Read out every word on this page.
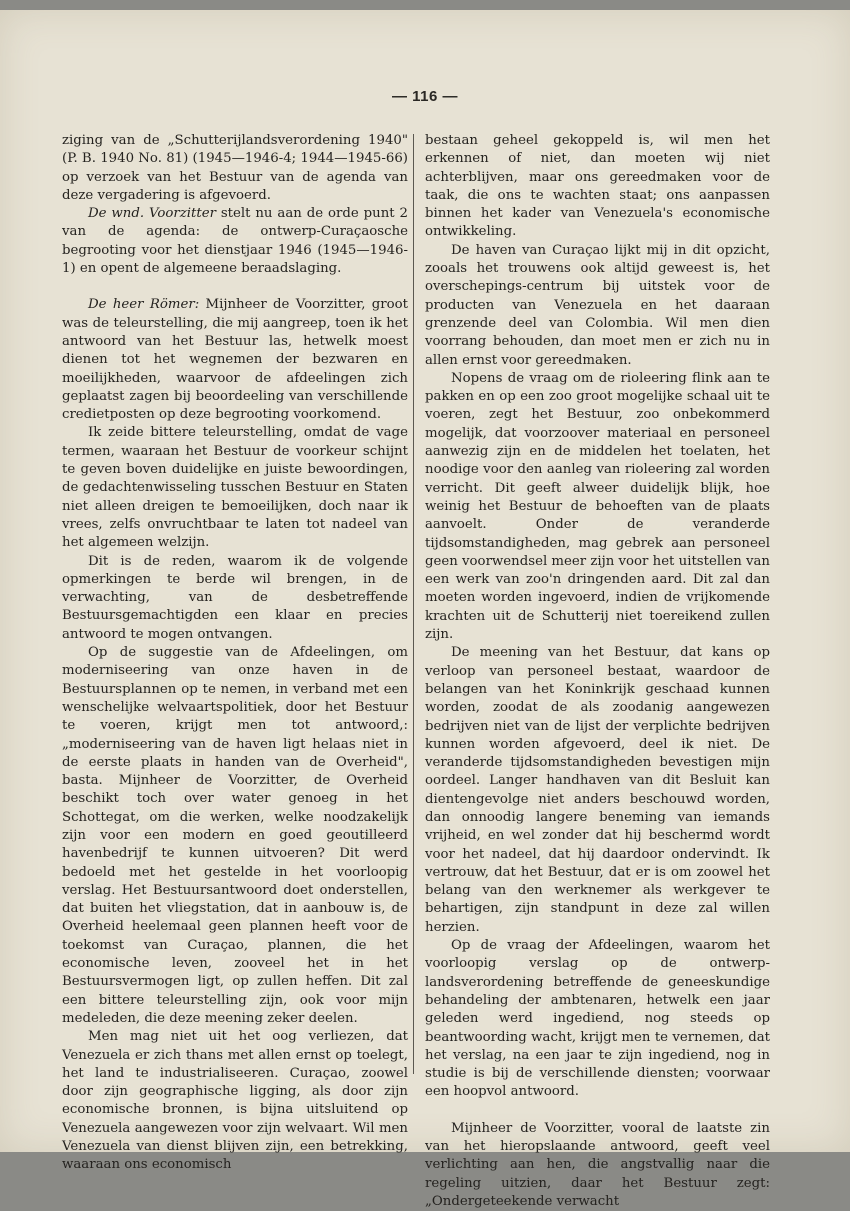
— 116 —

ziging van de „Schutterijlandsverordening 1940" (P. B. 1940 No. 81) (1945—1946-4; 1944—1945-66) op verzoek van het Bestuur van de agenda van deze vergadering is afgevoerd.

De wnd. Voorzitter stelt nu aan de orde punt 2 van de agenda: de ontwerp-Curaçaosche begrooting voor het dienstjaar 1946 (1945—1946-1) en opent de algemeene beraadslaging.

De heer Römer: Mijnheer de Voorzitter, groot was de teleurstelling, die mij aangreep, toen ik het antwoord van het Bestuur las, hetwelk moest dienen tot het wegnemen der bezwaren en moeilijkheden, waarvoor de afdeelingen zich geplaatst zagen bij beoordeeling van verschillende credietposten op deze begrooting voorkomend.

Ik zeide bittere teleurstelling, omdat de vage termen, waaraan het Bestuur de voorkeur schijnt te geven boven duidelijke en juiste bewoordingen, de gedachtenwisseling tusschen Bestuur en Staten niet alleen dreigen te bemoeilijken, doch naar ik vrees, zelfs onvruchtbaar te laten tot nadeel van het algemeen welzijn.

Dit is de reden, waarom ik de volgende opmerkingen te berde wil brengen, in de verwachting, van de desbetreffende Bestuursgemachtigden een klaar en precies antwoord te mogen ontvangen.

Op de suggestie van de Afdeelingen, om moderniseering van onze haven in de Bestuursplannen op te nemen, in verband met een wenschelijke welvaartspolitiek, door het Bestuur te voeren, krijgt men tot antwoord,: „moderniseering van de haven ligt helaas niet in de eerste plaats in handen van de Overheid", basta. Mijnheer de Voorzitter, de Overheid beschikt toch over water genoeg in het Schottegat, om die werken, welke noodzakelijk zijn voor een modern en goed geoutilleerd havenbedrijf te kunnen uitvoeren? Dit werd bedoeld met het gestelde in het voorloopig verslag. Het Bestuursantwoord doet onderstellen, dat buiten het vliegstation, dat in aanbouw is, de Overheid heelemaal geen plannen heeft voor de toekomst van Curaçao, plannen, die het economische leven, zooveel het in het Bestuursvermogen ligt, op zullen heffen. Dit zal een bittere teleurstelling zijn, ook voor mijn medeleden, die deze meening zeker deelen.

Men mag niet uit het oog verliezen, dat Venezuela er zich thans met allen ernst op toelegt, het land te industrialiseeren. Curaçao, zoowel door zijn geographische ligging, als door zijn economische bronnen, is bijna uitsluitend op Venezuela aangewezen voor zijn welvaart. Wil men Venezuela van dienst blijven zijn, een betrekking, waaraan ons economisch

bestaan geheel gekoppeld is, wil men het erkennen of niet, dan moeten wij niet achterblijven, maar ons gereedmaken voor de taak, die ons te wachten staat; ons aanpassen binnen het kader van Venezuela's economische ontwikkeling.

De haven van Curaçao lijkt mij in dit opzicht, zooals het trouwens ook altijd geweest is, het overschepings-centrum bij uitstek voor de producten van Venezuela en het daaraan grenzende deel van Colombia. Wil men dien voorrang behouden, dan moet men er zich nu in allen ernst voor gereedmaken.

Nopens de vraag om de rioleering flink aan te pakken en op een zoo groot mogelijke schaal uit te voeren, zegt het Bestuur, zoo onbekommerd mogelijk, dat voorzoover materiaal en personeel aanwezig zijn en de middelen het toelaten, het noodige voor den aanleg van rioleering zal worden verricht. Dit geeft alweer duidelijk blijk, hoe weinig het Bestuur de behoeften van de plaats aanvoelt. Onder de veranderde tijdsomstandigheden, mag gebrek aan personeel geen voorwendsel meer zijn voor het uitstellen van een werk van zoo'n dringenden aard. Dit zal dan moeten worden ingevoerd, indien de vrijkomende krachten uit de Schutterij niet toereikend zullen zijn.

De meening van het Bestuur, dat kans op verloop van personeel bestaat, waardoor de belangen van het Koninkrijk geschaad kunnen worden, zoodat de als zoodanig aangewezen bedrijven niet van de lijst der verplichte bedrijven kunnen worden afgevoerd, deel ik niet. De veranderde tijdsomstandigheden bevestigen mijn oordeel. Langer handhaven van dit Besluit kan dientengevolge niet anders beschouwd worden, dan onnoodig langere beneming van iemands vrijheid, en wel zonder dat hij beschermd wordt voor het nadeel, dat hij daardoor ondervindt. Ik vertrouw, dat het Bestuur, dat er is om zoowel het belang van den werknemer als werkgever te behartigen, zijn standpunt in deze zal willen herzien.

Op de vraag der Afdeelingen, waarom het voorloopig verslag op de ontwerp-landsverordening betreffende de geneeskundige behandeling der ambtenaren, hetwelk een jaar geleden werd ingediend, nog steeds op beantwoording wacht, krijgt men te vernemen, dat het verslag, na een jaar te zijn ingediend, nog in studie is bij de verschillende diensten; voorwaar een hoopvol antwoord.

Mijnheer de Voorzitter, vooral de laatste zin van het hieropslaande antwoord, geeft veel verlichting aan hen, die angstvallig naar die regeling uitzien, daar het Bestuur zegt: „Ondergeteekende verwacht
